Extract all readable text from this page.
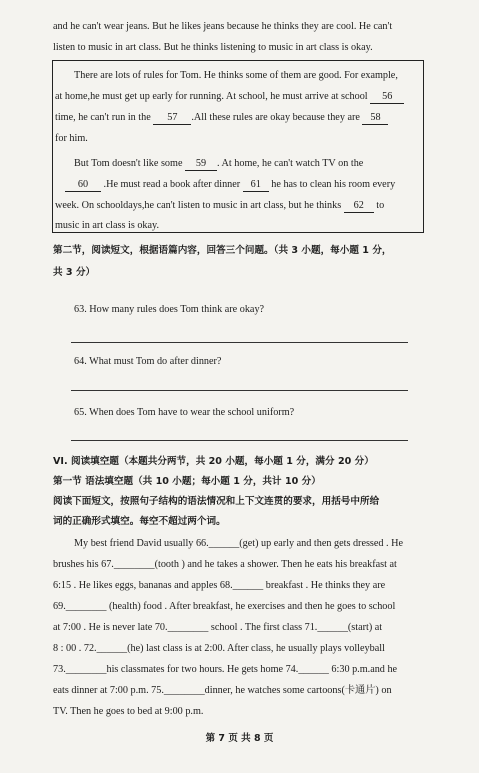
and he can't wear jeans. But he likes jeans because he thinks they are cool. He can't
listen to music in art class. But he thinks listening to music in art class is okay.
There are lots of rules for Tom. He thinks some of them are good. For example,
at home,he must get up early for running. At school, he must arrive at school 56
time, he can't run in the 57 .All these rules are okay because they are 58
for him.
But Tom doesn't like some 59 . At home, he can't watch TV on the
60 .He must read a book after dinner 61 he has to clean his room every
week. On schooldays,he can't listen to music in art class, but he thinks 62 to
music in art class is okay.
第二节，阅读短文，根据语篇内容，回答三个问题。（共 3 小题，每小题 1 分，
共 3 分）
63. How many rules does Tom think are okay?
64. What must Tom do after dinner?
65. When does Tom have to wear the school uniform?
VI. 阅读填空题（本题共分两节，共 20 小题，每小题 1 分，满分 20 分）
第一节 语法填空题（共 10 小题；每小题 1 分，共计 10 分）
阅读下面短文，按照句子结构的语法情况和上下文连贯的要求，用括号中所给
词的正确形式填空。每空不超过两个词。
My best friend David usually 66.______(get) up early and then gets dressed . He
brushes his 67.________(tooth ) and he takes a shower. Then he eats his breakfast at
6:15 . He likes eggs, bananas and apples 68.______ breakfast . He thinks they are
69.________ (health) food . After breakfast, he exercises and then he goes to school
at 7:00 . He is never late 70.________ school . The first class 71.______(start) at
8 : 00 . 72.______(he) last class is at 2:00. After class, he usually plays volleyball
73.________his classmates for two hours. He gets home 74.______ 6:30 p.m.and he
eats dinner at 7:00 p.m. 75.________dinner, he watches some cartoons(卡通片) on
TV. Then he goes to bed at 9:00 p.m.
第 7 页 共 8 页
